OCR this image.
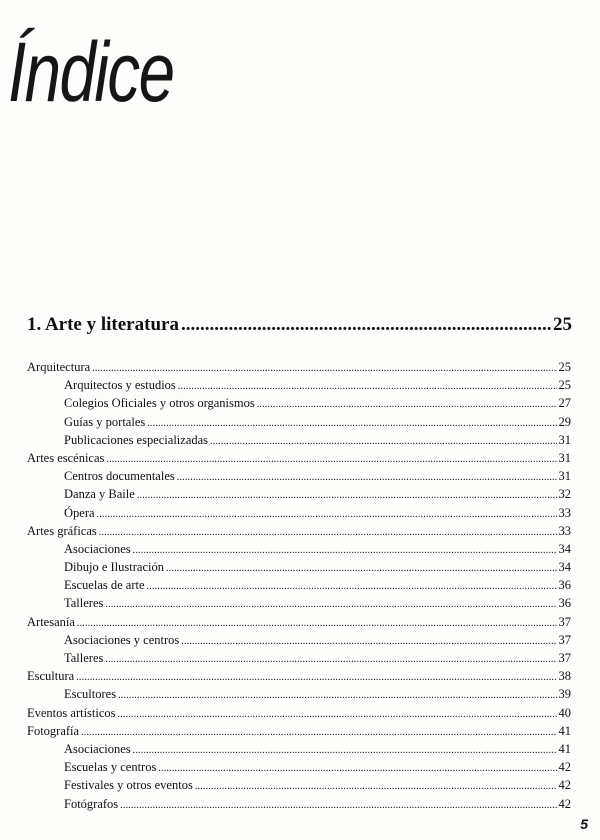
Índice
1. Arte y literatura .....	25
Arquitectura .....	25
Arquitectos y estudios .....	25
Colegios Oficiales y otros organismos .....	27
Guías y portales .....	29
Publicaciones especializadas .....	31
Artes escénicas .....	31
Centros documentales .....	31
Danza y Baile .....	32
Ópera .....	33
Artes gráficas .....	33
Asociaciones .....	34
Dibujo e Ilustración .....	34
Escuelas de arte .....	36
Talleres .....	36
Artesanía .....	37
Asociaciones y centros .....	37
Talleres .....	37
Escultura .....	38
Escultores .....	39
Eventos artísticos .....	40
Fotografía .....	41
Asociaciones .....	41
Escuelas y centros .....	42
Festivales y otros eventos .....	42
Fotógrafos .....	42
5
